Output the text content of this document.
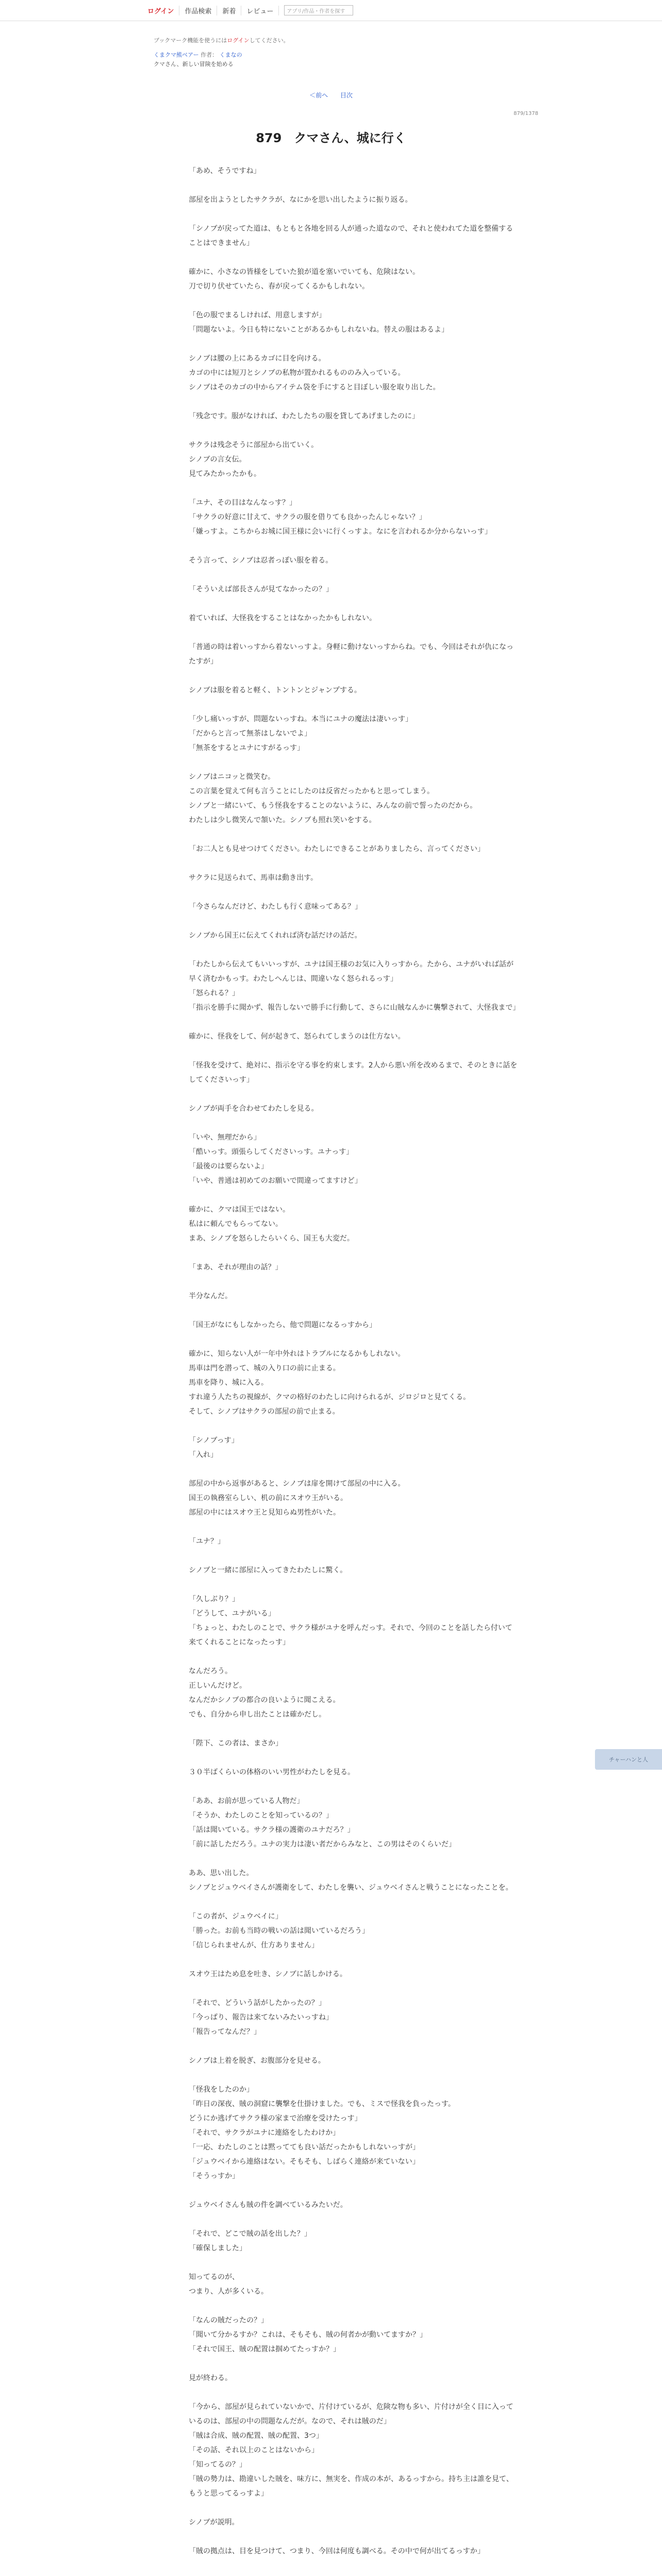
ログイン	作品検索	新着	レビュー	アプリ/作品・作者を探す
ブックマーク機能を使うにはログインしてください。
くまクマ熊ベアー 作者： くまなの
クマさん、新しい冒険を始める
＜前へ 目次
879/1378
879　クマさん、城に行く

「あめ、そうですね」

部屋を出ようとしたサクラが、なにかを思い出したように振り返る。

「シノブが戻ってた道は、もともと各地を回る人が通った道なので、それと使われてた道を整備することはできません」

確かに、小さなの皆様をしていた狼が道を塞いでいても、危険はない。

刀で切り伏せていたら、春が戻ってくるかもしれない。

「色の服でまるしければ、用意しますが」

「問題ないよ。今日も特にないことがあるかもしれないね。替えの服はあるよ」

シノブは腰の上にあるカゴに目を向ける。

カゴの中には短刀とシノブの私物が置かれるもののみ入っている。

シノブはそのカゴの中からアイテム袋を手にすると目ぼしい服を取り出した。

「残念です。服がなければ、わたしたちの服を貸してあげましたのに」

サクラは残念そうに部屋から出ていく。

シノブの言女伝。

見てみたかったかも。

「ユナ、その目はなんなっす？」

「サクラの好意に甘えて、サクラの服を借りても良かったんじゃない？」

「嫌っすよ。こちからお城に国王様に会いに行くっすよ。なにを言われるか分からないっす」

そう言って、シノブは忍者っぽい服を着る。

「そういえば部長さんが見てなかったの？」

着ていれば、大怪我をすることはなかったかもしれない。

「普通の時は着いっすから着ないっすよ。身軽に動けないっすからね。でも、今回はそれが仇になったすが」

シノブは服を着ると軽く、トントンとジャンプする。

「少し痛いっすが、問題ないっすね。本当にユナの魔法は凄いっす」

「だからと言って無茶はしないでよ」

「無茶をするとユナにすがるっす」

シノブはニコッと微笑む。

この言葉を覚えて何も言うことにしたのは反省だったかもと思ってしまう。

シノブと一緒にいて、もう怪我をすることのないように、みんなの前で誓ったのだから。

わたしは少し微笑んで頷いた。シノブも照れ笑いをする。

「お二人とも見せつけてください。わたしにできることがありましたら、言ってください」

サクラに見送られて、馬車は動き出す。

「今さらなんだけど、わたしも行く意味ってある？」

シノブから国王に伝えてくれれば済む話だけの話だ。

「わたしから伝えてもいいっすが、ユナは国王様のお気に入りっすから。たから、ユナがいれば話が早く済むかもっす。わたしへんじは、間違いなく怒られるっす」

「怒られる？」

「指示を勝手に聞かず、報告しないで勝手に行動して、さらに山賊なんかに襲撃されて、大怪我まで」

確かに、怪我をして、何が起きて、怒られてしまうのは仕方ない。

「怪我を受けて、絶対に、指示を守る事を約束します。2人から悪い所を改めるまで、そのときに話をしてくださいっす」

シノブが両手を合わせてわたしを見る。

「いや、無理だから」

「酷いっす。頭張らしてくださいっす。ユナっす」

「最後のは要らないよ」

「いや、普通は初めてのお願いで間違ってますけど」

確かに、クマは国王ではない。

私はに頼んでもらってない。

まあ、シノブを怒らしたらいくら、国王も大変だ。

「まあ、それが理由の話？」

半分なんだ。

「国王がなにもしなかったら、他で問題になるっすから」

確かに、知らない人が一年中外れはトラブルになるかもしれない。

馬車は門を潜って、城の入り口の前に止まる。

馬車を降り、城に入る。

すれ違う人たちの視線が、クマの格好のわたしに向けられるが、ジロジロと見てくる。

そして、シノブはサクラの部屋の前で止まる。

「シノブっす」

「入れ」

部屋の中から返事があると、シノブは扉を開けて部屋の中に入る。

国王の執務室らしい、机の前にスオウ王がいる。

部屋の中にはスオウ王と見知らぬ男性がいた。

「ユナ？」

シノブと一緒に部屋に入ってきたわたしに驚く。

「久しぶり？」

「どうして、ユナがいる」

「ちょっと、わたしのことで、サクラ様がユナを呼んだっす。それで、今回のことを話したら付いて来てくれることになったっす」

なんだろう。

正しいんだけど。

なんだかシノブの都合の良いように聞こえる。

でも、自分から申し出たことは確かだし。

「陛下、この者は、まさか」

３０半ばくらいの体格のいい男性がわたしを見る。

「ああ、お前が思っている人物だ」

「そうか、わたしのことを知っているの？」

「話は聞いている。サクラ様の護衛のユナだろ？」

「前に話しただろう。ユナの実力は凄い者だからみなと、この男はそのくらいだ」

ああ、思い出した。

シノブとジュウベイさんが護衛をして、わたしを襲い、ジュウベイさんと戦うことになったことを。

「この者が、ジュウベイに」

「勝った。お前も当時の戦いの話は聞いているだろう」

「信じられませんが、仕方ありません」

スオウ王はため息を吐き、シノブに話しかける。

「それで、どういう話がしたかったの？」

「今っぱり、報告は来てないみたいっすね」

「報告ってなんだ？」

シノブは上着を脱ぎ、お腹部分を見せる。

「怪我をしたのか」

「昨日の深夜、賊の洞窟に襲撃を仕掛けました。でも、ミスで怪我を負ったっす。

どうにか逃げてサクラ様の家まで治療を受けたっす」

「それで、サクラがユナに連絡をしたわけか」

「一応、わたしのことは黙ってても良い話だったかもしれないっすが」

「ジュウベイから連絡はない。そもそも、しばらく連絡が来ていない」

「そうっすか」

ジュウベイさんも賊の件を調べているみたいだ。

「それで、どこで賊の話を出した？」

「確保しました」

知ってるのが、

つまり、人が多くいる。

「なんの賊だったの？」

「聞いて分かるすか？これは、そもそも、賊の何者かが動いてますか？」

「それで国王、賊の配置は掴めてたっすか？」

見が終わる。

「今から、部屋が見られていないかで、片付けているが、危険な物も多い、片付けが全く目に入っているのは、部屋の中の問題なんだが。なので、それは賊のだ」

「賊は合成、賊の配置、賊の配置、3つ」

「その話、それ以上のことはないから」

「知ってるの？」

「賊の勢力は、勘違いした賊を、味方に、無実を、作成の本が、あるっすから。持ち主は誰を見て、もうと思ってるっすよ」

シノブが説明。

「賊の拠点は、目を見つけて、つまり、今回は何度も調べる。その中で何が出てるっすか」

チャーハンと人
